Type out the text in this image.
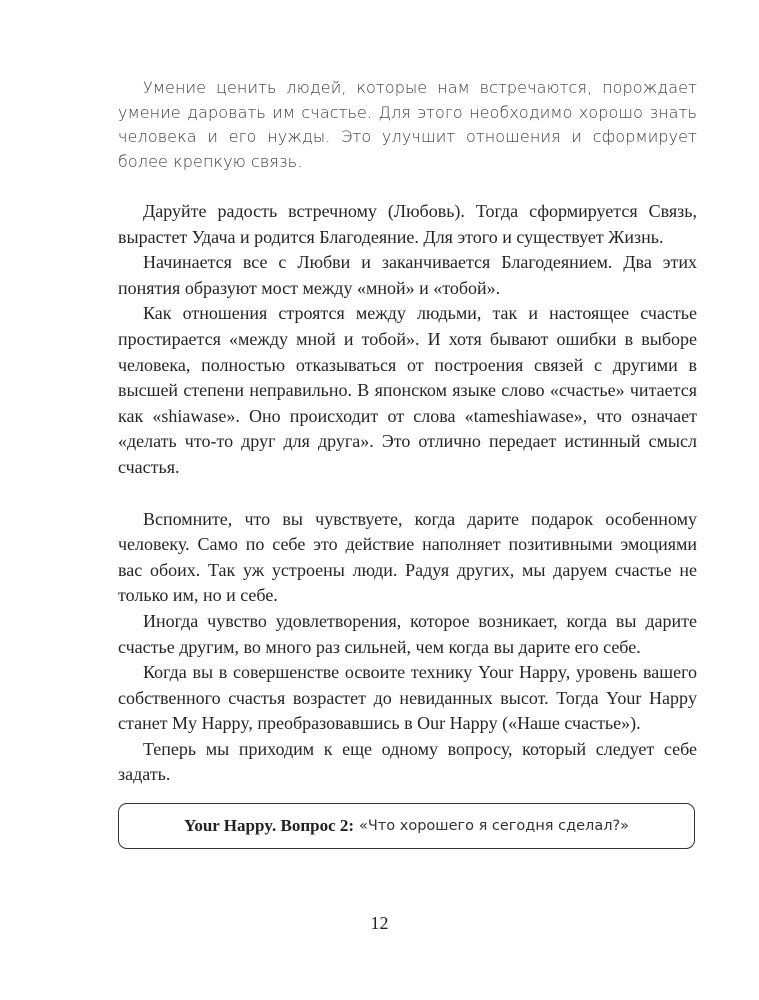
Умение ценить людей, которые нам встречаются, порождает умение даровать им счастье. Для этого необходимо хорошо знать человека и его нужды. Это улучшит отношения и сформирует более крепкую связь.

Даруйте радость встречному (Любовь). Тогда сформируется Связь, вырастет Удача и родится Благодеяние. Для этого и существует Жизнь.

Начинается все с Любви и заканчивается Благодеянием. Два этих понятия образуют мост между «мной» и «тобой».

Как отношения строятся между людьми, так и настоящее счастье простирается «между мной и тобой». И хотя бывают ошибки в выборе человека, полностью отказываться от построения связей с другими в высшей степени неправильно. В японском языке слово «счастье» читается как «shiawase». Оно происходит от слова «tameshiawase», что означает «делать что-то друг для друга». Это отлично передает истинный смысл счастья.

Вспомните, что вы чувствуете, когда дарите подарок особенному человеку. Само по себе это действие наполняет позитивными эмоциями вас обоих. Так уж устроены люди. Радуя других, мы даруем счастье не только им, но и себе.

Иногда чувство удовлетворения, которое возникает, когда вы дарите счастье другим, во много раз сильней, чем когда вы дарите его себе.

Когда вы в совершенстве освоите технику Your Happy, уровень вашего собственного счастья возрастет до невиданных высот. Тогда Your Happy станет My Happy, преобразовавшись в Our Happy («Наше счастье»).

Теперь мы приходим к еще одному вопросу, который следует себе задать.

Your Happy. Вопрос 2: «Что хорошего я сегодня сделал?»
12
